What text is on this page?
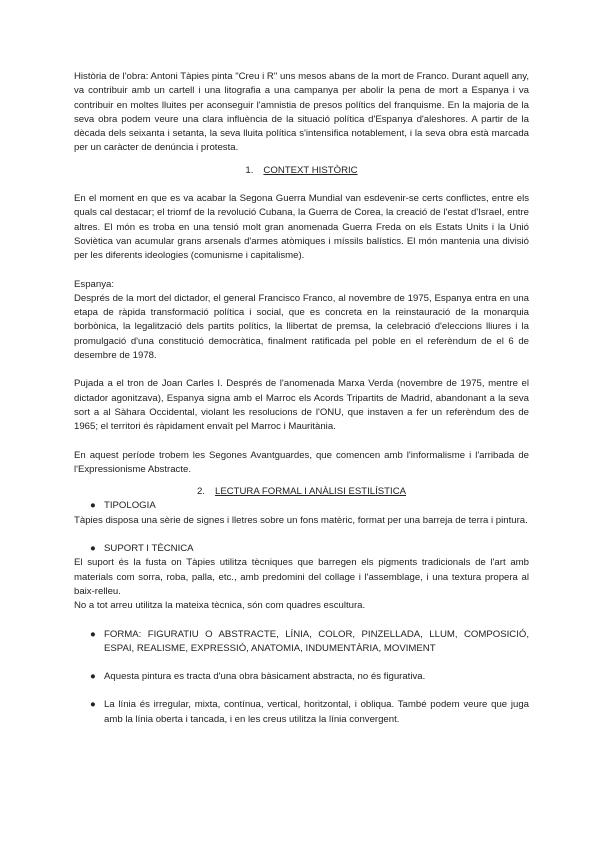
Història de l'obra: Antoni Tàpies pinta "Creu i R" uns mesos abans de la mort de Franco. Durant aquell any, va contribuir amb un cartell i una litografia a una campanya per abolir la pena de mort a Espanya i va contribuir en moltes lluites per aconseguir l'amnistia de presos polítics del franquisme. En la majoria de la seva obra podem veure una clara influència de la situació política d'Espanya d'aleshores. A partir de la dècada dels seixanta i setanta, la seva lluita política s'intensifica notablement, i la seva obra està marcada per un caràcter de denúncia i protesta.

1. CONTEXT HISTÒRIC

En el moment en que es va acabar la Segona Guerra Mundial van esdevenir-se certs conflictes, entre els quals cal destacar; el triomf de la revolució Cubana, la Guerra de Corea, la creació de l'estat d'Israel, entre altres. El món es troba en una tensió molt gran anomenada Guerra Freda on els Estats Units i la Unió Soviètica van acumular grans arsenals d'armes atòmiques i míssils balístics. El món mantenia una divisió per les diferents ideologies (comunisme i capitalisme).

Espanya:

Després de la mort del dictador, el general Francisco Franco, al novembre de 1975, Espanya entra en una etapa de ràpida transformació política i social, que es concreta en la reinstauració de la monarquia borbònica, la legalització dels partits polítics, la llibertat de premsa, la celebració d'eleccions lliures i la promulgació d'una constitució democràtica, finalment ratificada pel poble en el referèndum de el 6 de desembre de 1978.

Pujada a el tron de Joan Carles I. Després de l'anomenada Marxa Verda (novembre de 1975, mentre el dictador agonitzava), Espanya signa amb el Marroc els Acords Tripartits de Madrid, abandonant a la seva sort a al Sàhara Occidental, violant les resolucions de l'ONU, que instaven a fer un referèndum des de 1965; el territori és ràpidament envaït pel Marroc i Mauritània.

En aquest període trobem les Segones Avantguardes, que comencen amb l'informalisme i l'arribada de l'Expressionisme Abstracte.

2. LECTURA FORMAL I ANÀLISI ESTILÍSTICA

● TIPOLOGIA

Tàpies disposa una sèrie de signes i lletres sobre un fons matèric, format per una barreja de terra i pintura.

● SUPORT I TÈCNICA

El suport és la fusta on Tàpies utilitza tècniques que barregen els pigments tradicionals de l'art amb materials com sorra, roba, palla, etc., amb predomini del collage i l'assemblage, i una textura propera al baix-relleu.

No a tot arreu utilitza la mateixa tècnica, són com quadres escultura.

● FORMA: FIGURATIU O ABSTRACTE, LÍNIA, COLOR, PINZELLADA, LLUM, COMPOSICIÓ, ESPAI, REALISME, EXPRESSIÓ, ANATOMIA, INDUMENTÀRIA, MOVIMENT
● Aquesta pintura es tracta d'una obra bàsicament abstracta, no és figurativa.
● La línia és irregular, mixta, contínua, vertical, horitzontal, i obliqua. També podem veure que juga amb la línia oberta i tancada, i en les creus utilitza la línia convergent.
